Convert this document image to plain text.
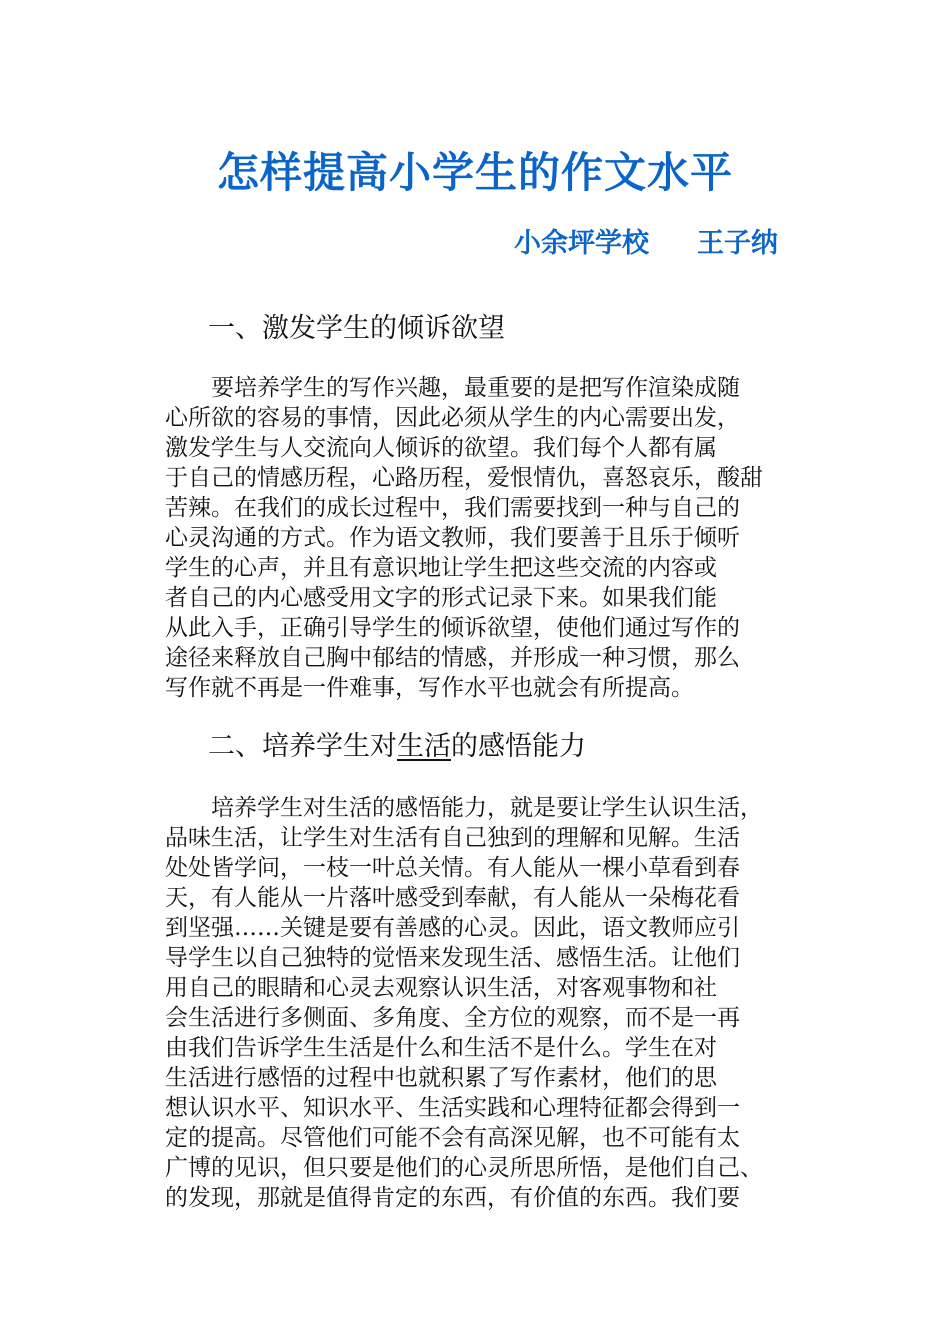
怎样提高小学生的作文水平
小余坪学校 王子纳
一、激发学生的倾诉欲望
　　要培养学生的写作兴趣，最重要的是把写作渲染成随
心所欲的容易的事情，因此必须从学生的内心需要出发，
激发学生与人交流向人倾诉的欲望。我们每个人都有属
于自己的情感历程，心路历程，爱恨情仇，喜怒哀乐，酸甜
苦辣。在我们的成长过程中，我们需要找到一种与自己的
心灵沟通的方式。作为语文教师，我们要善于且乐于倾听
学生的心声，并且有意识地让学生把这些交流的内容或
者自己的内心感受用文字的形式记录下来。如果我们能
从此入手，正确引导学生的倾诉欲望，使他们通过写作的
途径来释放自己胸中郁结的情感，并形成一种习惯，那么
写作就不再是一件难事，写作水平也就会有所提高。
二、培养学生对生活的感悟能力
　　培养学生对生活的感悟能力，就是要让学生认识生活，
品味生活，让学生对生活有自己独到的理解和见解。生活
处处皆学问，一枝一叶总关情。有人能从一棵小草看到春
天，有人能从一片落叶感受到奉献，有人能从一朵梅花看
到坚强……关键是要有善感的心灵。因此，语文教师应引
导学生以自己独特的觉悟来发现生活、感悟生活。让他们
用自己的眼睛和心灵去观察认识生活，对客观事物和社
会生活进行多侧面、多角度、全方位的观察，而不是一再
由我们告诉学生生活是什么和生活不是什么。学生在对
生活进行感悟的过程中也就积累了写作素材，他们的思
想认识水平、知识水平、生活实践和心理特征都会得到一
定的提高。尽管他们可能不会有高深见解，也不可能有太
广博的见识，但只要是他们的心灵所思所悟，是他们自己、
的发现，那就是值得肯定的东西，有价值的东西。我们要
